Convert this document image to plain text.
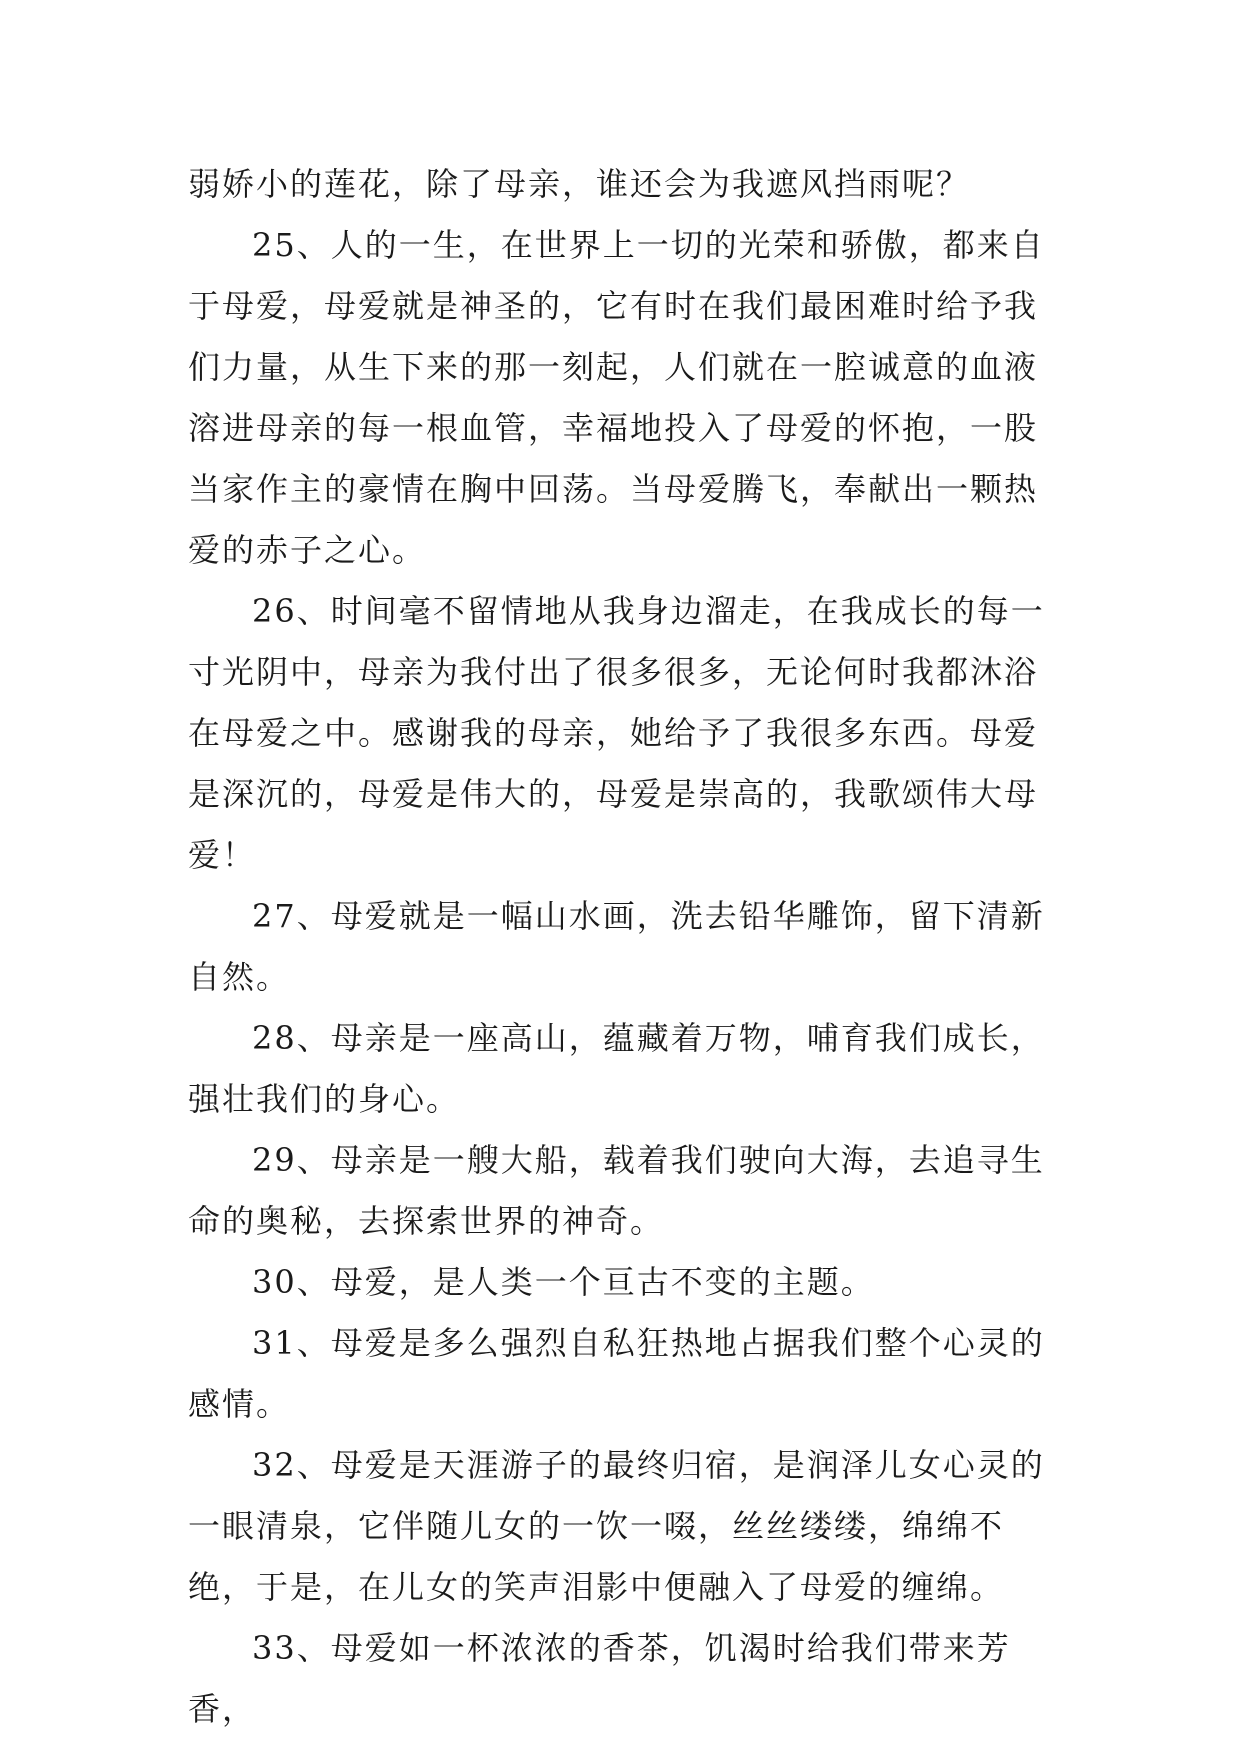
弱娇小的莲花，除了母亲，谁还会为我遮风挡雨呢？

25、人的一生，在世界上一切的光荣和骄傲，都来自于母爱，母爱就是神圣的，它有时在我们最困难时给予我们力量，从生下来的那一刻起，人们就在一腔诚意的血液溶进母亲的每一根血管，幸福地投入了母爱的怀抱，一股当家作主的豪情在胸中回荡。当母爱腾飞，奉献出一颗热爱的赤子之心。

26、时间毫不留情地从我身边溜走，在我成长的每一寸光阴中，母亲为我付出了很多很多，无论何时我都沐浴在母爱之中。感谢我的母亲，她给予了我很多东西。母爱是深沉的，母爱是伟大的，母爱是崇高的，我歌颂伟大母爱！

27、母爱就是一幅山水画，洗去铅华雕饰，留下清新自然。

28、母亲是一座高山，蕴藏着万物，哺育我们成长，强壮我们的身心。

29、母亲是一艘大船，载着我们驶向大海，去追寻生命的奥秘，去探索世界的神奇。

30、母爱，是人类一个亘古不变的主题。

31、母爱是多么强烈自私狂热地占据我们整个心灵的感情。

32、母爱是天涯游子的最终归宿，是润泽儿女心灵的一眼清泉，它伴随儿女的一饮一啜，丝丝缕缕，绵绵不绝，于是，在儿女的笑声泪影中便融入了母爱的缠绵。

33、母爱如一杯浓浓的香茶，饥渴时给我们带来芳香，
